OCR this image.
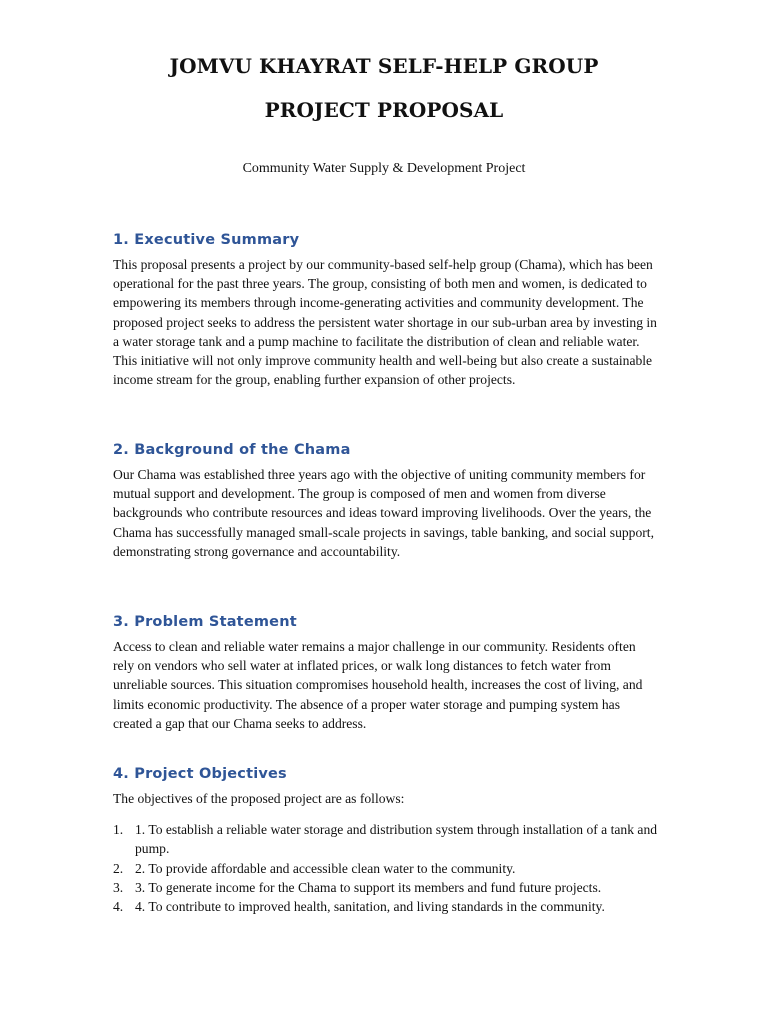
JOMVU KHAYRAT SELF-HELP GROUP
PROJECT PROPOSAL

Community Water Supply & Development Project

1. Executive Summary

This proposal presents a project by our community-based self-help group (Chama), which has been operational for the past three years. The group, consisting of both men and women, is dedicated to empowering its members through income-generating activities and community development. The proposed project seeks to address the persistent water shortage in our sub-urban area by investing in a water storage tank and a pump machine to facilitate the distribution of clean and reliable water. This initiative will not only improve community health and well-being but also create a sustainable income stream for the group, enabling further expansion of other projects.

2. Background of the Chama

Our Chama was established three years ago with the objective of uniting community members for mutual support and development. The group is composed of men and women from diverse backgrounds who contribute resources and ideas toward improving livelihoods. Over the years, the Chama has successfully managed small-scale projects in savings, table banking, and social support, demonstrating strong governance and accountability.

3. Problem Statement

Access to clean and reliable water remains a major challenge in our community. Residents often rely on vendors who sell water at inflated prices, or walk long distances to fetch water from unreliable sources. This situation compromises household health, increases the cost of living, and limits economic productivity. The absence of a proper water storage and pumping system has created a gap that our Chama seeks to address.

4. Project Objectives

The objectives of the proposed project are as follows:

1. 1. To establish a reliable water storage and distribution system through installation of a tank and pump.
2. 2. To provide affordable and accessible clean water to the community.
3. 3. To generate income for the Chama to support its members and fund future projects.
4. 4. To contribute to improved health, sanitation, and living standards in the community.
